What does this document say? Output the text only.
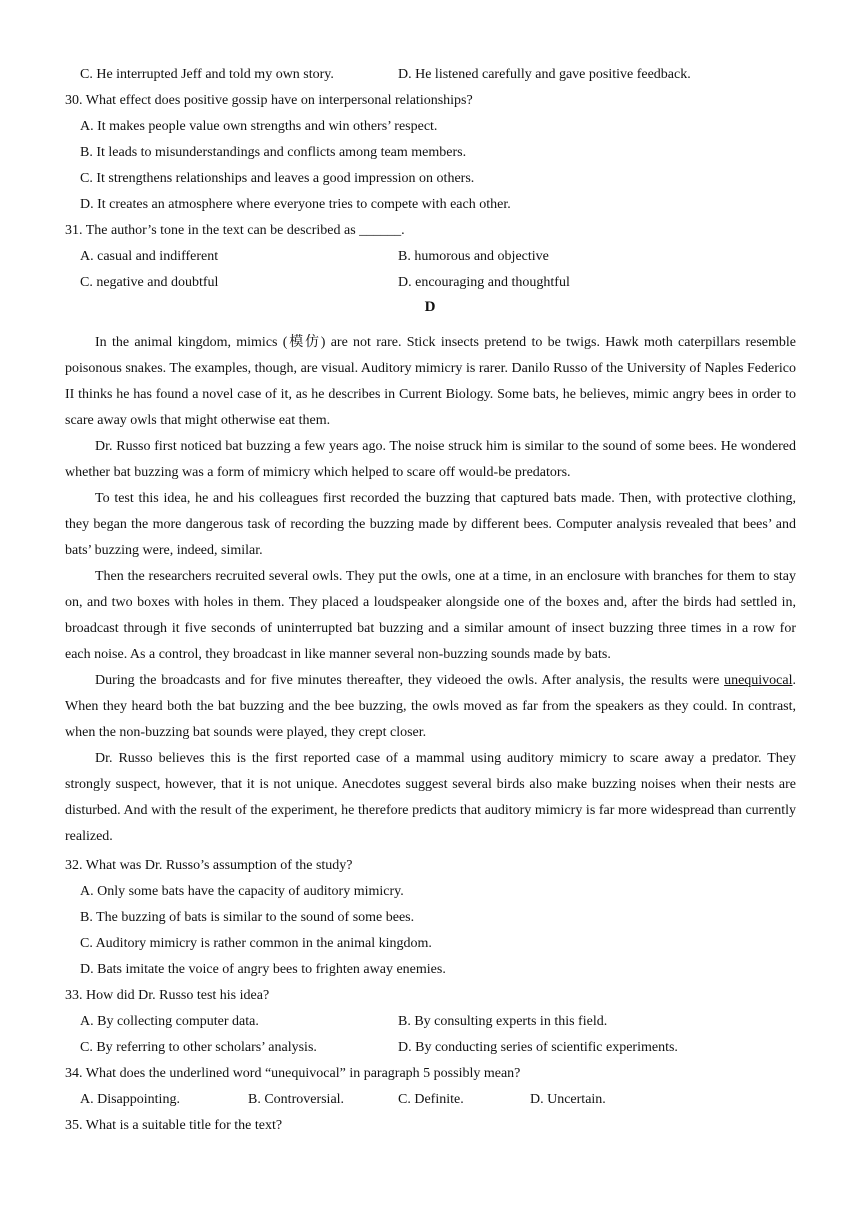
C. He interrupted Jeff and told my own story.	D. He listened carefully and gave positive feedback.
30. What effect does positive gossip have on interpersonal relationships?
A. It makes people value own strengths and win others’ respect.
B. It leads to misunderstandings and conflicts among team members.
C. It strengthens relationships and leaves a good impression on others.
D. It creates an atmosphere where everyone tries to compete with each other.
31. The author’s tone in the text can be described as ______.
A. casual and indifferent	B. humorous and objective
C. negative and doubtful	D. encouraging and thoughtful
D
In the animal kingdom, mimics (模仿) are not rare. Stick insects pretend to be twigs. Hawk moth caterpillars resemble poisonous snakes. The examples, though, are visual. Auditory mimicry is rarer. Danilo Russo of the University of Naples Federico II thinks he has found a novel case of it, as he describes in Current Biology. Some bats, he believes, mimic angry bees in order to scare away owls that might otherwise eat them.
Dr. Russo first noticed bat buzzing a few years ago. The noise struck him is similar to the sound of some bees. He wondered whether bat buzzing was a form of mimicry which helped to scare off would-be predators.
To test this idea, he and his colleagues first recorded the buzzing that captured bats made. Then, with protective clothing, they began the more dangerous task of recording the buzzing made by different bees. Computer analysis revealed that bees’ and bats’ buzzing were, indeed, similar.
Then the researchers recruited several owls. They put the owls, one at a time, in an enclosure with branches for them to stay on, and two boxes with holes in them. They placed a loudspeaker alongside one of the boxes and, after the birds had settled in, broadcast through it five seconds of uninterrupted bat buzzing and a similar amount of insect buzzing three times in a row for each noise. As a control, they broadcast in like manner several non-buzzing sounds made by bats.
During the broadcasts and for five minutes thereafter, they videoed the owls. After analysis, the results were unequivocal. When they heard both the bat buzzing and the bee buzzing, the owls moved as far from the speakers as they could. In contrast, when the non-buzzing bat sounds were played, they crept closer.
Dr. Russo believes this is the first reported case of a mammal using auditory mimicry to scare away a predator. They strongly suspect, however, that it is not unique. Anecdotes suggest several birds also make buzzing noises when their nests are disturbed. And with the result of the experiment, he therefore predicts that auditory mimicry is far more widespread than currently realized.
32. What was Dr. Russo’s assumption of the study?
A. Only some bats have the capacity of auditory mimicry.
B. The buzzing of bats is similar to the sound of some bees.
C. Auditory mimicry is rather common in the animal kingdom.
D. Bats imitate the voice of angry bees to frighten away enemies.
33. How did Dr. Russo test his idea?
A. By collecting computer data.	B. By consulting experts in this field.
C. By referring to other scholars’ analysis.	D. By conducting series of scientific experiments.
34. What does the underlined word “unequivocal” in paragraph 5 possibly mean?
A. Disappointing.	B. Controversial.	C. Definite.	D. Uncertain.
35. What is a suitable title for the text?
